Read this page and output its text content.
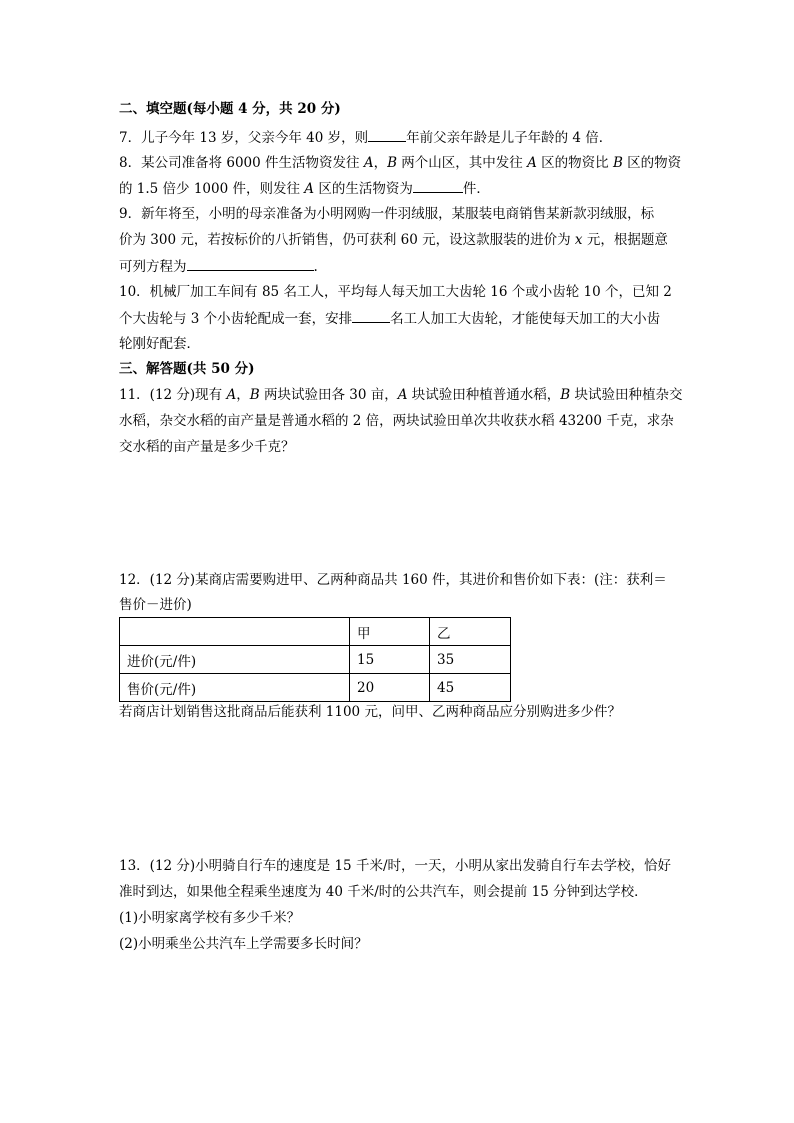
二、填空题(每小题 4 分，共 20 分)
7．儿子今年 13 岁，父亲今年 40 岁，则	年前父亲年龄是儿子年龄的 4 倍．
8．某公司准备将 6000 件生活物资发往 A，B 两个山区，其中发往 A 区的物资比 B 区的物资
的 1.5 倍少 1000 件，则发往 A 区的生活物资为	件．
9．新年将至，小明的母亲准备为小明网购一件羽绒服，某服装电商销售某新款羽绒服，标
价为 300 元，若按标价的八折销售，仍可获利 60 元，设这款服装的进价为 x 元，根据题意
可列方程为	.
10．机械厂加工车间有 85 名工人，平均每人每天加工大齿轮 16 个或小齿轮 10 个，已知 2
个大齿轮与 3 个小齿轮配成一套，安排	名工人加工大齿轮，才能使每天加工的大小齿
轮刚好配套．
三、解答题(共 50 分)
11．(12 分)现有 A，B 两块试验田各 30 亩，A 块试验田种植普通水稻，B 块试验田种植杂交
水稻，杂交水稻的亩产量是普通水稻的 2 倍，两块试验田单次共收获水稻 43200 千克，求杂
交水稻的亩产量是多少千克？
12．(12 分)某商店需要购进甲、乙两种商品共 160 件，其进价和售价如下表：(注：获利＝
售价－进价)
	甲	乙
进价(元/件)	15	35
售价(元/件)	20	45
若商店计划销售这批商品后能获利 1100 元，问甲、乙两种商品应分别购进多少件？
13．(12 分)小明骑自行车的速度是 15 千米/时，一天，小明从家出发骑自行车去学校，恰好
准时到达，如果他全程乘坐速度为 40 千米/时的公共汽车，则会提前 15 分钟到达学校．
(1)小明家离学校有多少千米？
(2)小明乘坐公共汽车上学需要多长时间？
